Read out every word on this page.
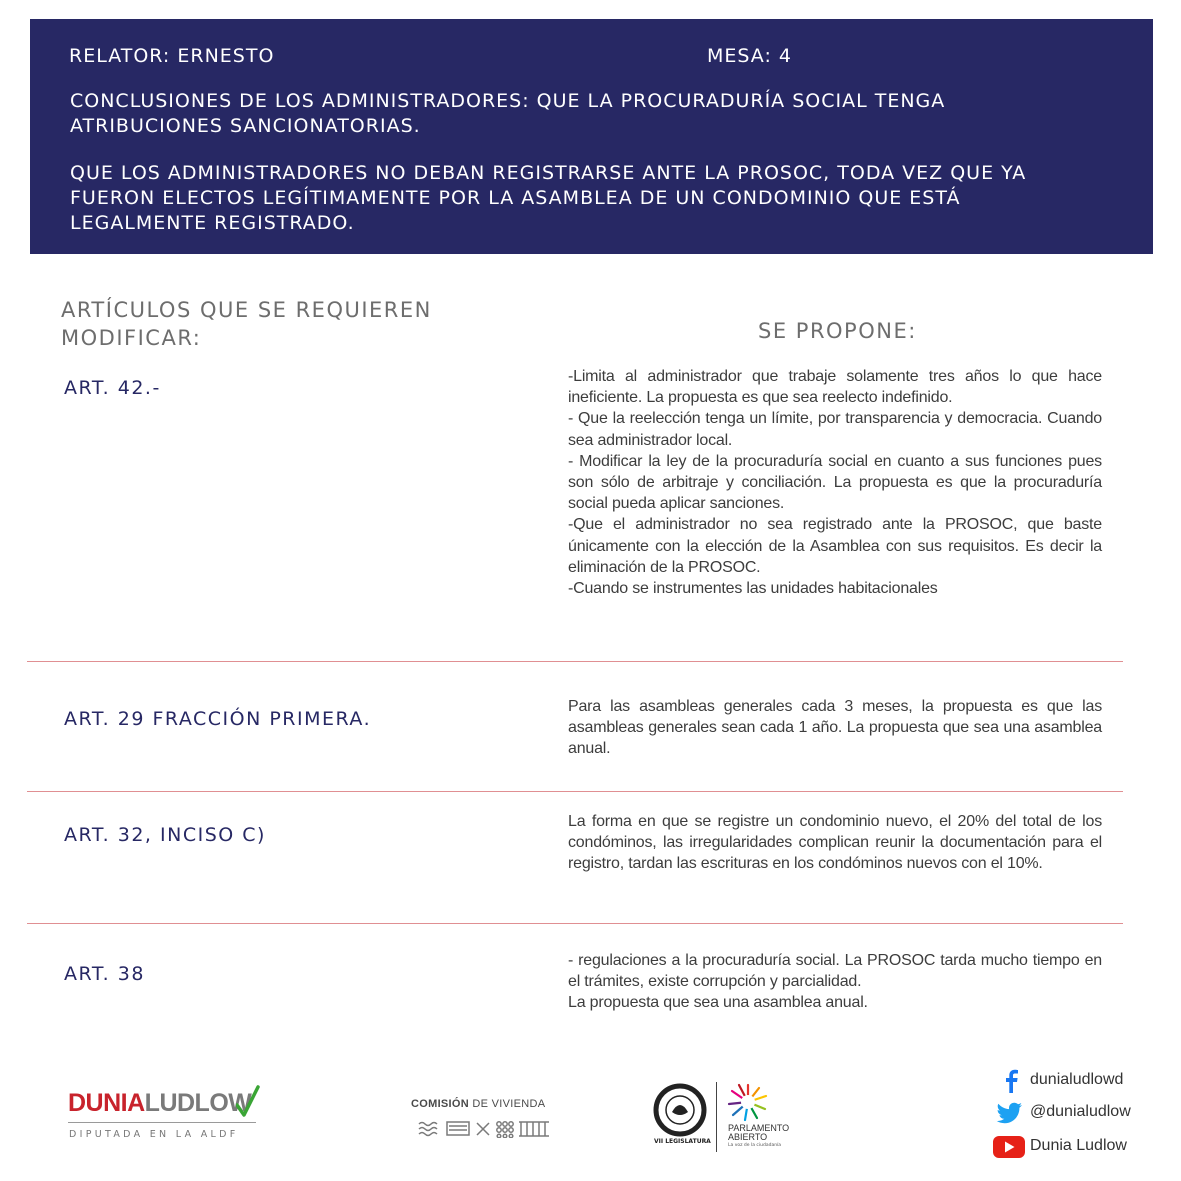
RELATOR: ERNESTO	MESA: 4

CONCLUSIONES DE LOS ADMINISTRADORES: QUE LA PROCURADURÍA SOCIAL TENGA ATRIBUCIONES SANCIONATORIAS.

QUE LOS ADMINISTRADORES NO DEBAN REGISTRARSE ANTE LA PROSOC, TODA VEZ QUE YA FUERON ELECTOS LEGÍTIMAMENTE POR LA ASAMBLEA DE UN CONDOMINIO QUE ESTÁ LEGALMENTE REGISTRADO.

ARTÍCULOS QUE SE REQUIEREN MODIFICAR:	SE PROPONE:
ART. 42.-

-Limita al administrador que trabaje solamente tres años lo que hace ineficiente. La propuesta es que sea reelecto indefinido.

- Que la reelección tenga un límite, por transparencia y democracia. Cuando sea administrador local.

- Modificar la ley de la procuraduría social en cuanto a sus funciones pues son sólo de arbitraje y conciliación. La propuesta es que la procuraduría social pueda aplicar sanciones.

-Que el administrador no sea registrado ante la PROSOC, que baste únicamente con la elección de la Asamblea con sus requisitos. Es decir la eliminación de la PROSOC.

-Cuando se instrumentes las unidades habitacionales

ART. 29 FRACCIÓN PRIMERA.

Para las asambleas generales cada 3 meses, la propuesta es que las asambleas generales sean cada 1 año. La propuesta que sea una asamblea anual.

ART. 32, INCISO C)

La forma en que se registre un condominio nuevo, el 20% del total de los condóminos, las irregularidades complican reunir la documentación para el registro, tardan las escrituras en los condóminos nuevos con el 10%.

ART. 38

- regulaciones a la procuraduría social. La PROSOC tarda mucho tiempo en el trámites, existe corrupción y parcialidad.

La propuesta que sea una asamblea anual.

DUNIALUDLOW
DIPUTADA EN LA ALDF
COMISIÓN DE VIVIENDA
VII LEGISLATURA
PARLAMENTO
ABIERTO
La voz de la ciudadanía
dunialudlowd
@dunialudlow
Dunia Ludlow
